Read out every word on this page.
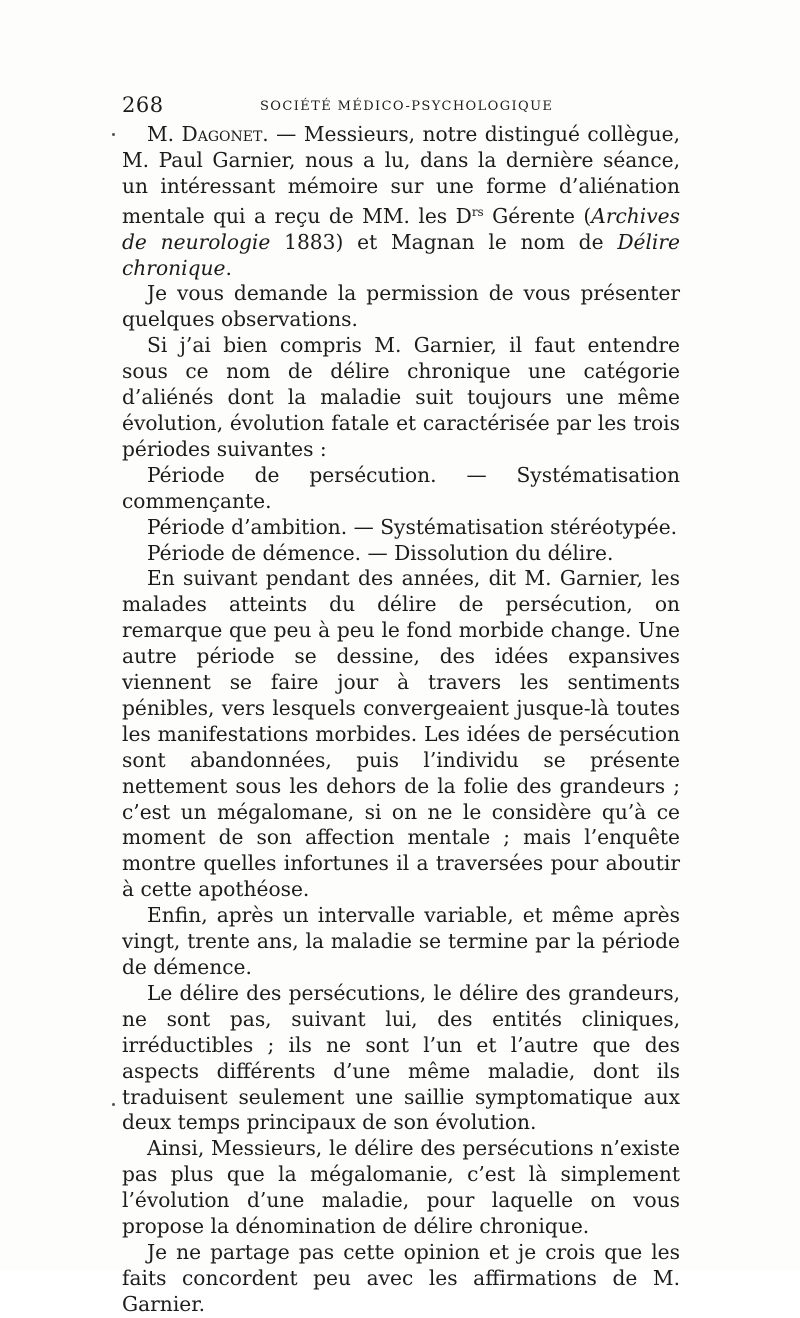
268	SOCIÉTÉ MÉDICO-PSYCHOLOGIQUE

M. Dagonet. — Messieurs, notre distingué collègue, M. Paul Garnier, nous a lu, dans la dernière séance, un intéressant mémoire sur une forme d’aliénation mentale qui a reçu de MM. les $D^{rs}$ Gérente (Archives de neurologie 1883) et Magnan le nom de Délire chronique.

Je vous demande la permission de vous présenter quelques observations.

Si j’ai bien compris M. Garnier, il faut entendre sous ce nom de délire chronique une catégorie d’aliénés dont la maladie suit toujours une même évolution, évolution fatale et caractérisée par les trois périodes suivantes :

Période de persécution. — Systématisation commençante.

Période d’ambition. — Systématisation stéréotypée.

Période de démence. — Dissolution du délire.

En suivant pendant des années, dit M. Garnier, les malades atteints du délire de persécution, on remarque que peu à peu le fond morbide change. Une autre période se dessine, des idées expansives viennent se faire jour à travers les sentiments pénibles, vers lesquels convergeaient jusque-là toutes les manifestations morbides. Les idées de persécution sont abandonnées, puis l’individu se présente nettement sous les dehors de la folie des grandeurs ; c’est un mégalomane, si on ne le considère qu’à ce moment de son affection mentale ; mais l’enquête montre quelles infortunes il a traversées pour aboutir à cette apothéose.

Enfin, après un intervalle variable, et même après vingt, trente ans, la maladie se termine par la période de démence.

Le délire des persécutions, le délire des grandeurs, ne sont pas, suivant lui, des entités cliniques, irréductibles ; ils ne sont l’un et l’autre que des aspects différents d’une même maladie, dont ils traduisent seulement une saillie symptomatique aux deux temps principaux de son évolution.

Ainsi, Messieurs, le délire des persécutions n’existe pas plus que la mégalomanie, c’est là simplement l’évolution d’une maladie, pour laquelle on vous propose la dénomination de délire chronique.

Je ne partage pas cette opinion et je crois que les faits concordent peu avec les affirmations de M. Garnier.
